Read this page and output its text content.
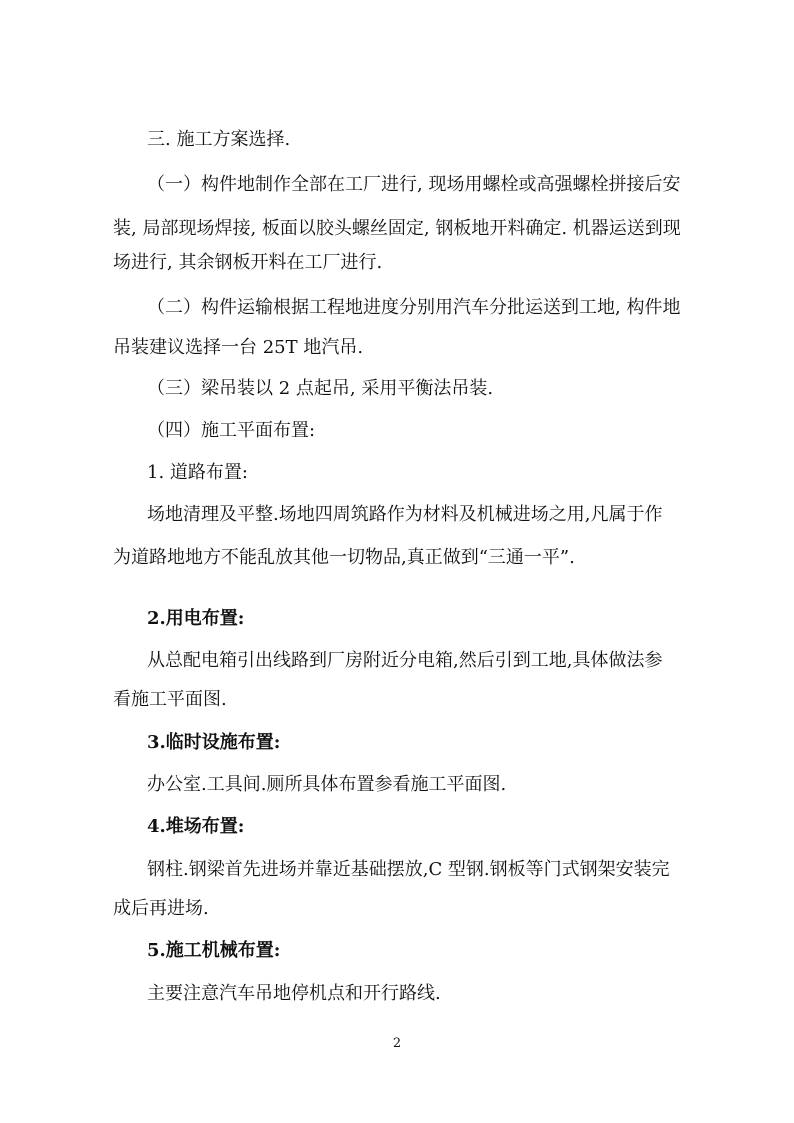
三. 施工方案选择.
（一）构件地制作全部在工厂进行, 现场用螺栓或高强螺栓拼接后安
装, 局部现场焊接, 板面以胶头螺丝固定, 钢板地开料确定. 机器运送到现
场进行, 其余钢板开料在工厂进行.
（二）构件运输根据工程地进度分别用汽车分批运送到工地, 构件地
吊装建议选择一台 25T 地汽吊.
（三）梁吊装以 2 点起吊, 采用平衡法吊装.
（四）施工平面布置:
1. 道路布置:
场地清理及平整.场地四周筑路作为材料及机械进场之用,凡属于作
为道路地地方不能乱放其他一切物品,真正做到“三通一平”.
2.用电布置:
从总配电箱引出线路到厂房附近分电箱,然后引到工地,具体做法参
看施工平面图.
3.临时设施布置:
办公室.工具间.厕所具体布置参看施工平面图.
4.堆场布置:
钢柱.钢梁首先进场并靠近基础摆放,C 型钢.钢板等门式钢架安装完
成后再进场.
5.施工机械布置:
主要注意汽车吊地停机点和开行路线.
2
